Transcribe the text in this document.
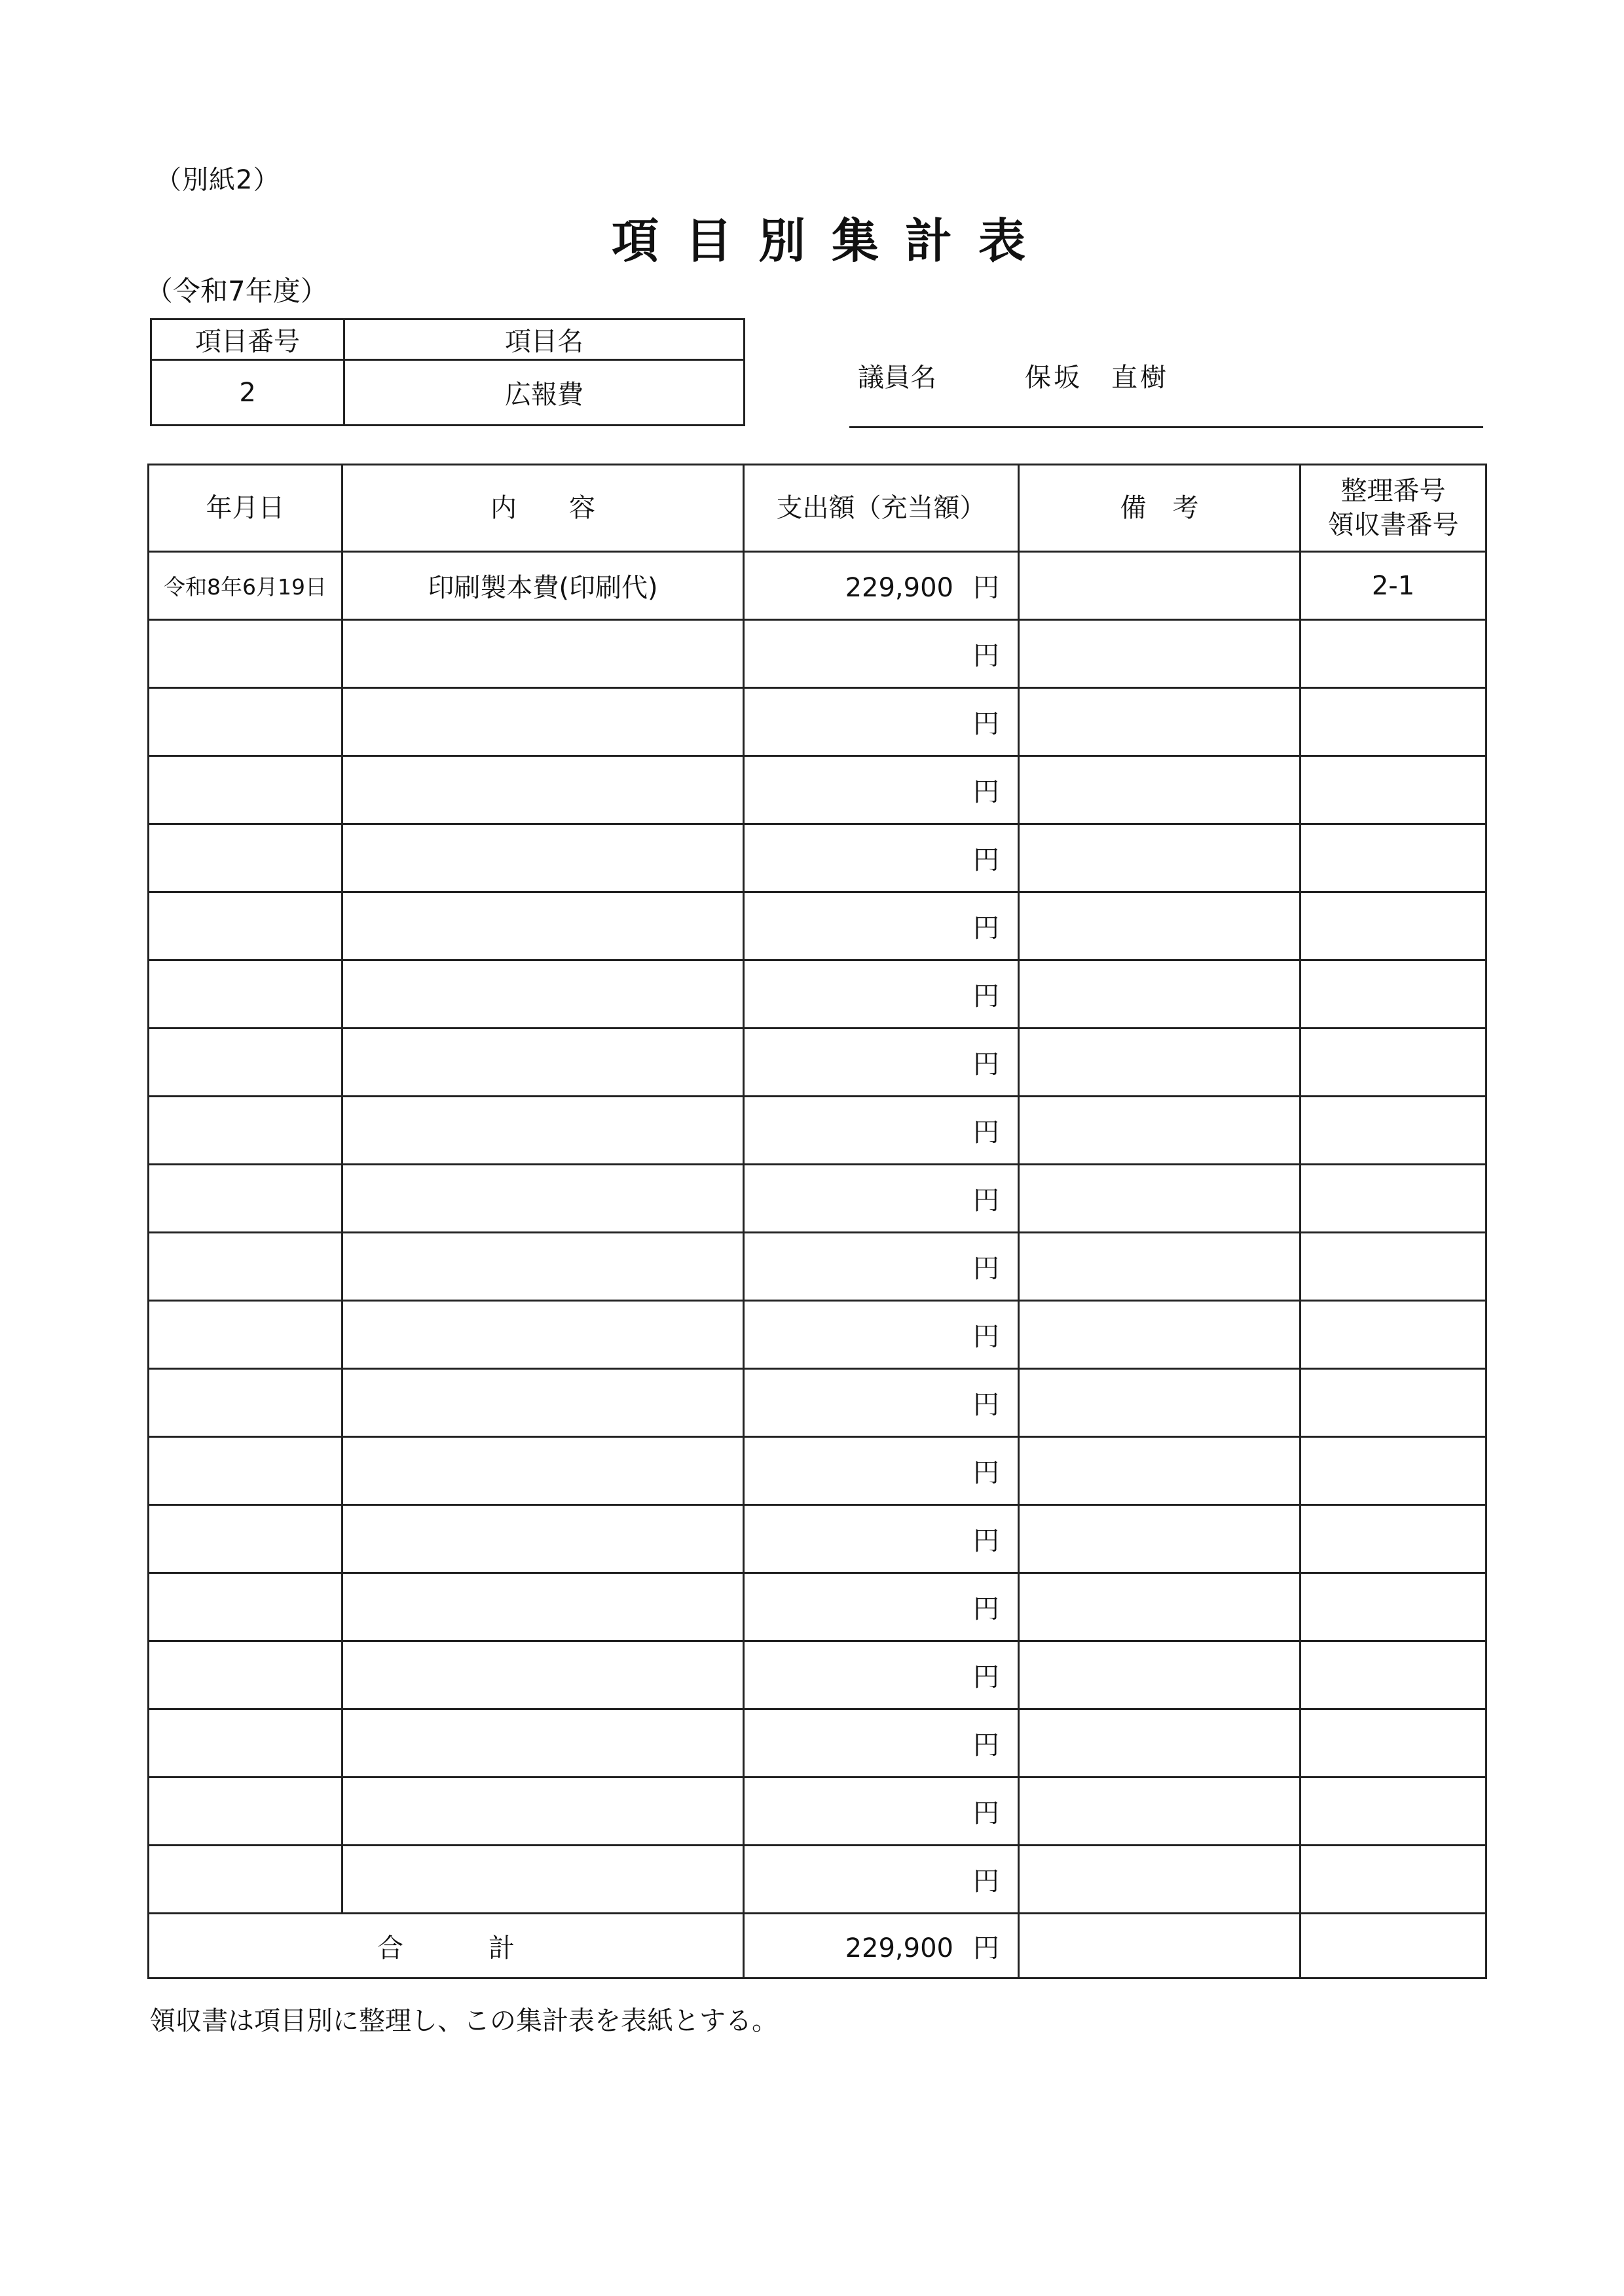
（別紙2）
項目別集計表
（令和7年度）
項目番号	項目名
2	広報費
議員名	保坂　直樹
年月日	内　　容	支出額（充当額）	備　考	整理番号
領収書番号

令和8年6月19日	印刷製本費(印刷代)	229,900 円		2-1
		円		
		円		
		円		
		円		
		円		
		円		
		円		
		円		
		円		
		円		
		円		
		円		
		円		
		円		
		円		
		円		
		円		
		円		
		円		
合計		229,900 円		
領収書は項目別に整理し、この集計表を表紙とする。
